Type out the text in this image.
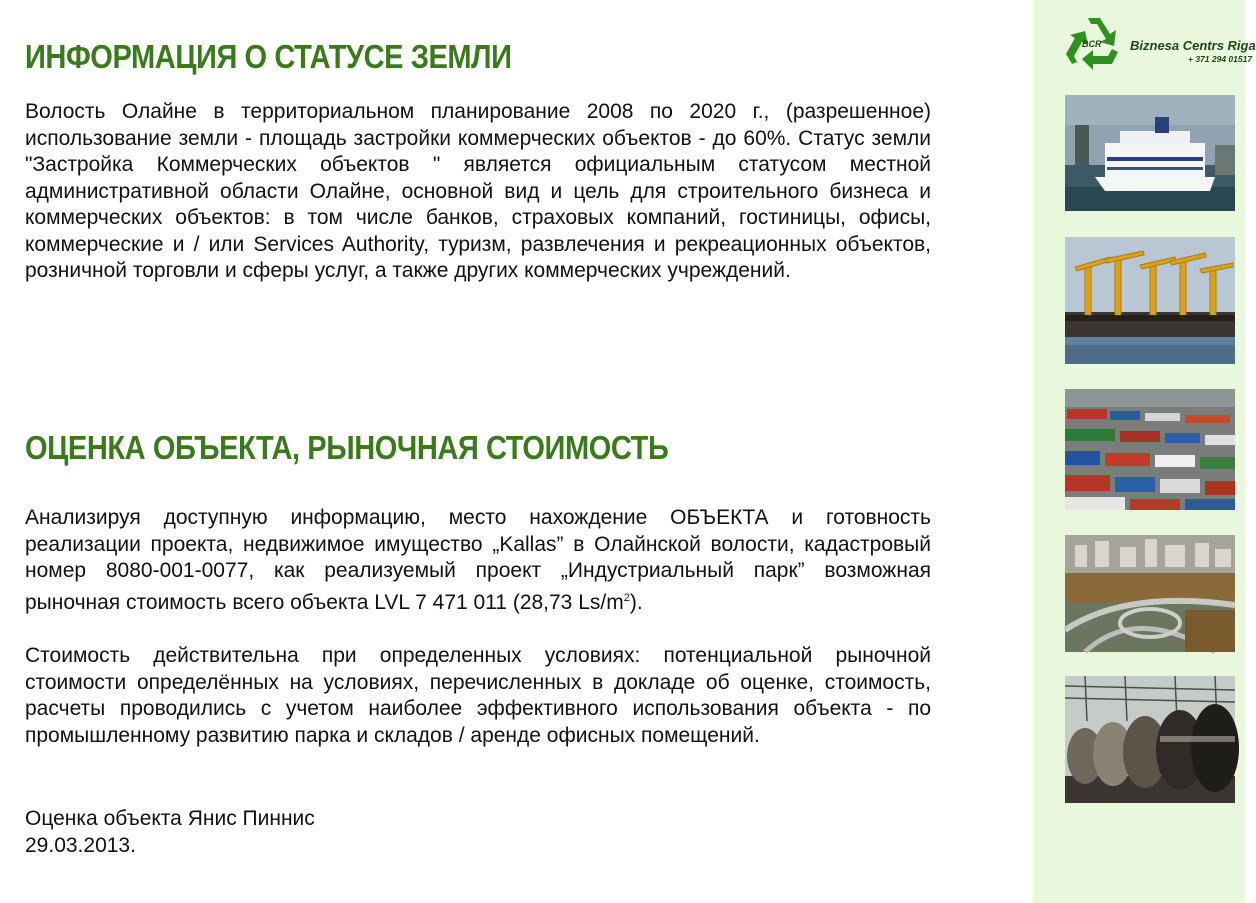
ИНФОРМАЦИЯ О СТАТУСЕ ЗЕМЛИ
Волость Олайне в территориальном планирование 2008 по 2020 г., (разрешенное) использование земли - площадь застройки коммерческих объектов - до 60%. Статус земли "Застройка Коммерческих объектов " является официальным статусом местной административной области Олайне, основной вид и цель для строительного бизнеса и коммерческих объектов: в том числе банков, страховых компаний, гостиницы, офисы, коммерческие и / или Services Authority, туризм, развлечения и рекреационных объектов, розничной торговли и сферы услуг, а также других коммерческих учреждений.
ОЦЕНКА ОБЪЕКТА, РЫНОЧНАЯ СТОИМОСТЬ
Анализируя доступную информацию, место нахождение ОБЪЕКТА и готовность реализации проекта, недвижимое имущество „Kallas” в Олайнской волости, кадастровый номер 8080-001-0077, как реализуемый проект „Индустриальный парк” возможная рыночная стоимость всего объекта LVL 7 471 011 (28,73 $Ls/m^2$).
Стоимость действительна при определенных условиях: потенциальной рыночной стоимости определённых на условиях, перечисленных в докладе об оценке, стоимость, расчеты проводились с учетом наиболее эффективного использования объекта - по промышленному развитию парка и складов / аренде офисных помещений.
Оценка объекта Янис Пиннис
29.03.2013.
BCR Biznesa Centrs Riga
+ 371 294 01517
